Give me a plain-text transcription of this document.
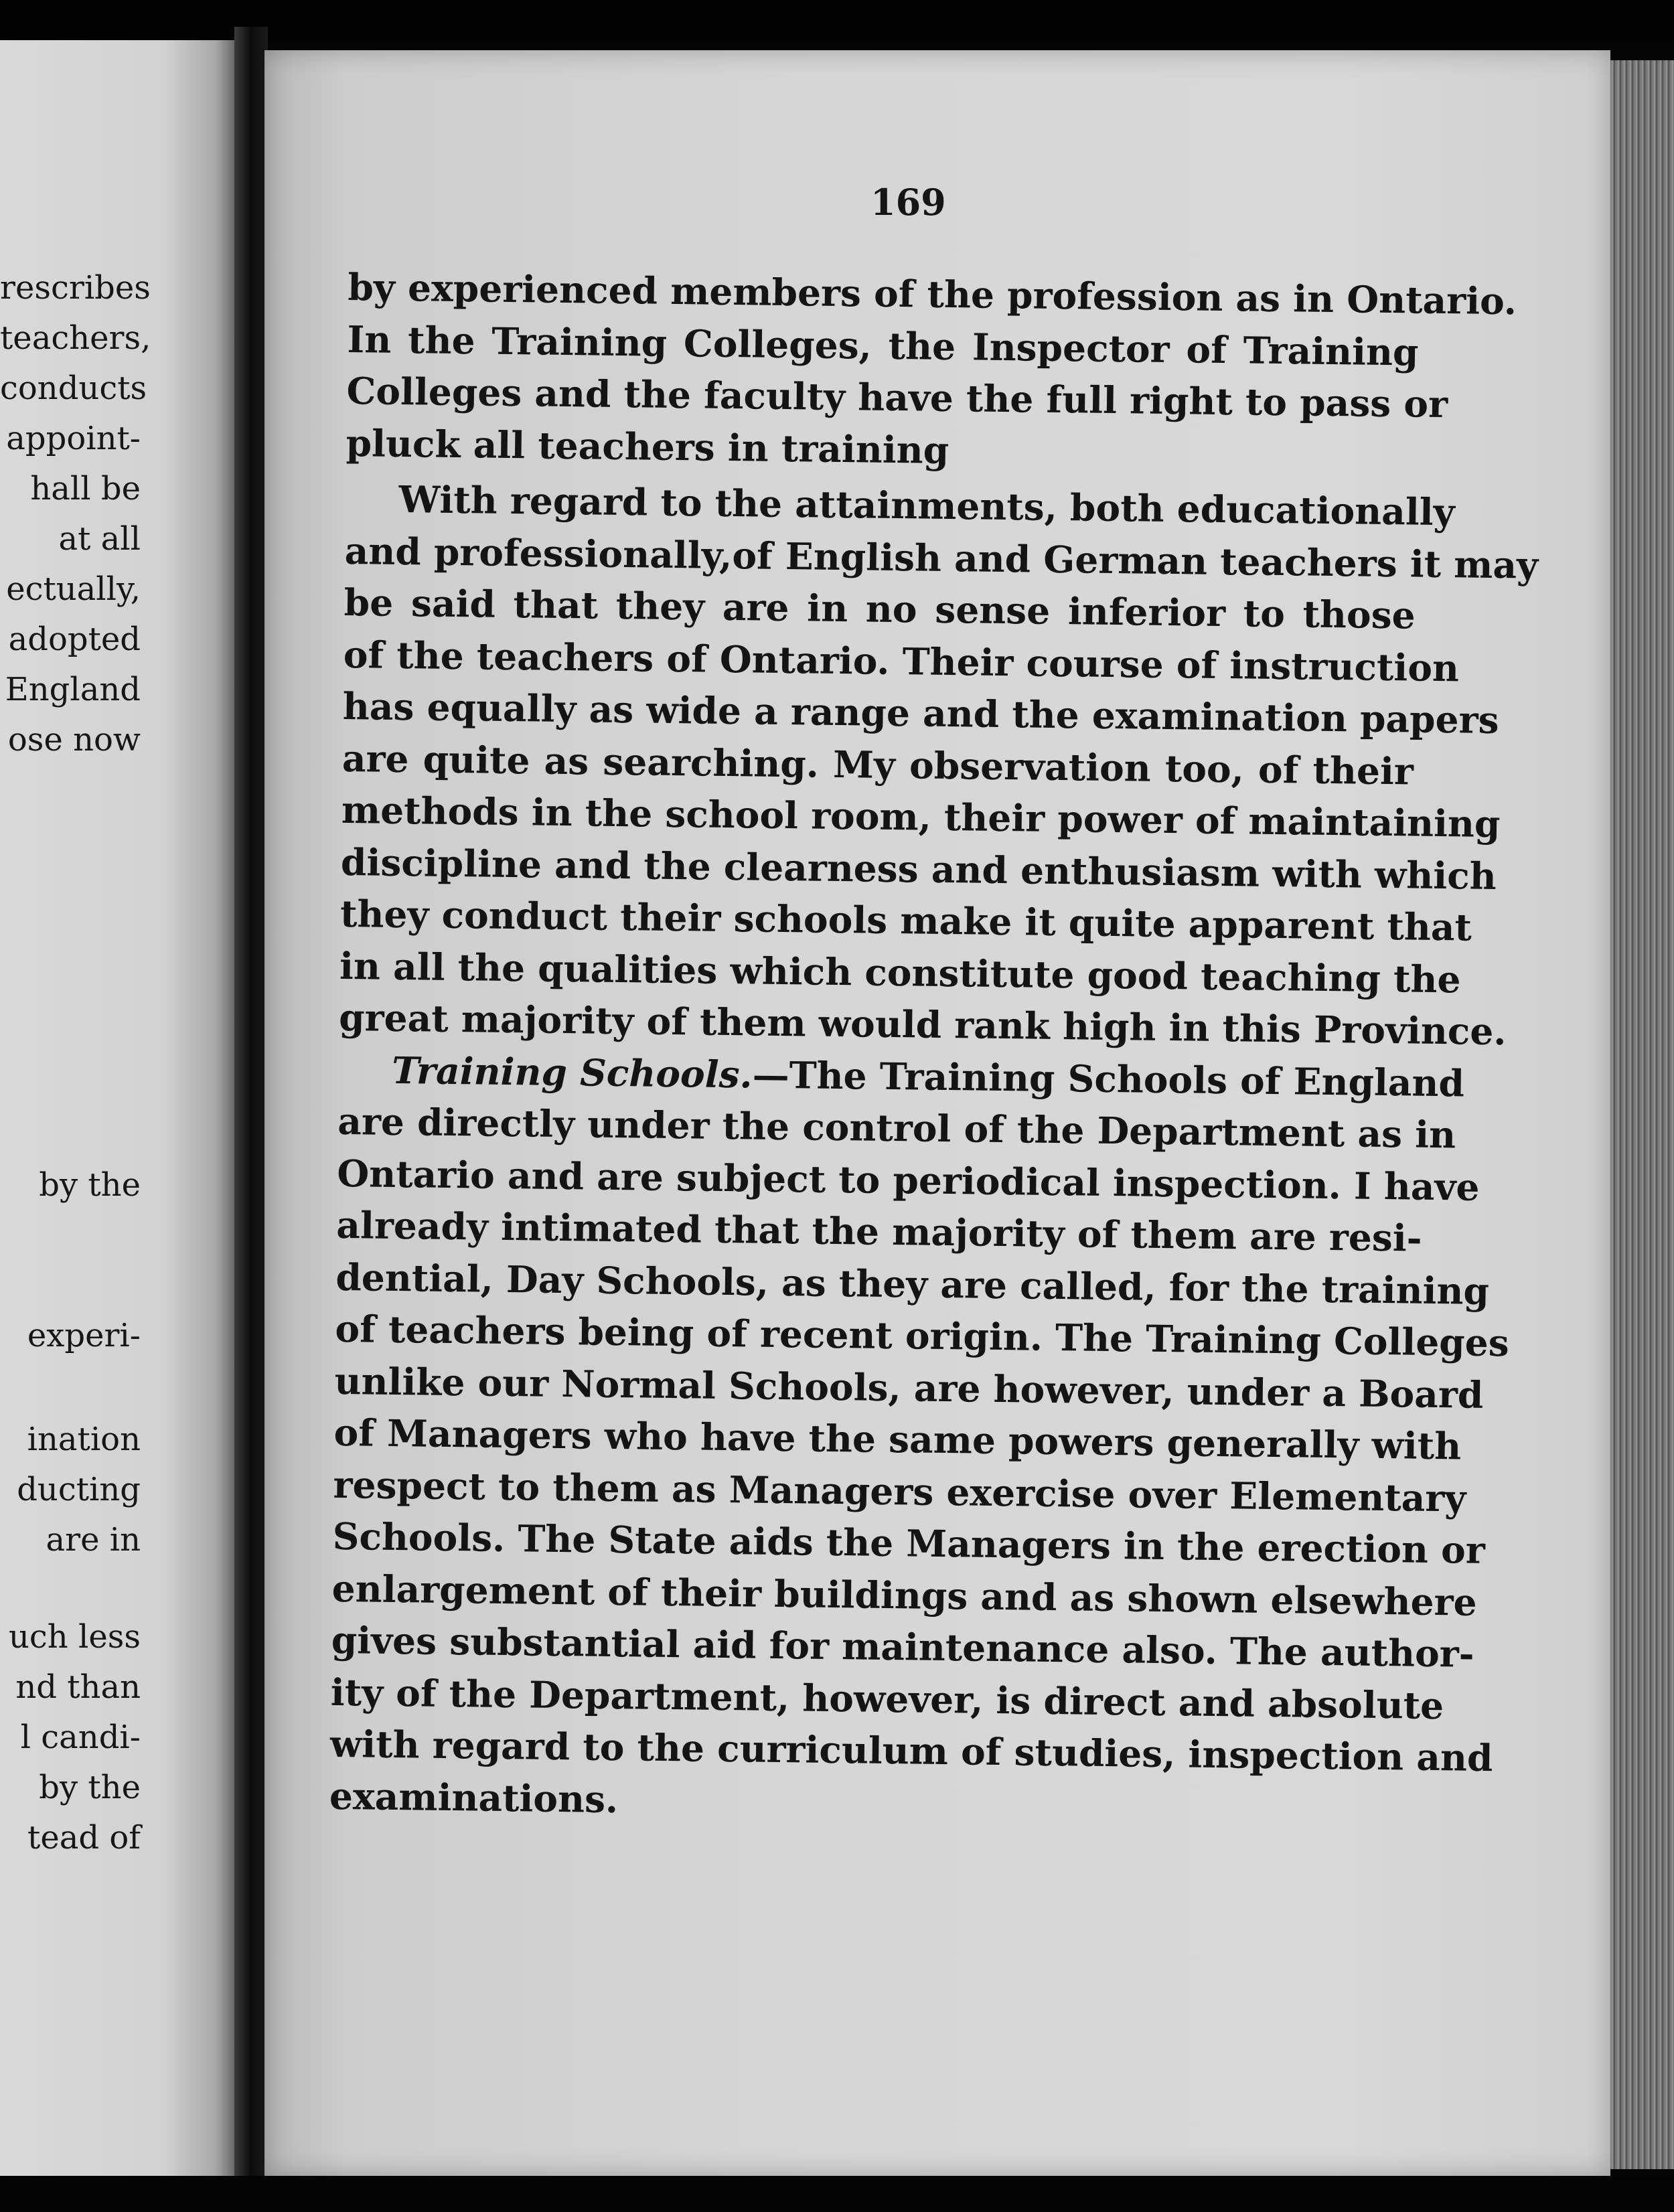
rescribes
teachers,
conducts
appoint-
hall be
at all
ectually,
adopted
England
ose now
by the
experi-
ination
ducting
are in
uch less
nd than
l candi-
by the
tead of
169
by experienced members of the profession as in Ontario.
In the Training Colleges, the Inspector of Training
Colleges and the faculty have the full right to pass or
pluck all teachers in training
With regard to the attainments, both educationally
and professionally,of English and German teachers it may
be said that they are in no sense inferior to those
of the teachers of Ontario. Their course of instruction
has equally as wide a range and the examination papers
are quite as searching. My observation too, of their
methods in the school room, their power of maintaining
discipline and the clearness and enthusiasm with which
they conduct their schools make it quite apparent that
in all the qualities which constitute good teaching the
great majority of them would rank high in this Province.
Training Schools.—The Training Schools of England
are directly under the control of the Department as in
Ontario and are subject to periodical inspection. I have
already intimated that the majority of them are resi-
dential, Day Schools, as they are called, for the training
of teachers being of recent origin. The Training Colleges
unlike our Normal Schools, are however, under a Board
of Managers who have the same powers generally with
respect to them as Managers exercise over Elementary
Schools. The State aids the Managers in the erection or
enlargement of their buildings and as shown elsewhere
gives substantial aid for maintenance also. The author-
ity of the Department, however, is direct and absolute
with regard to the curriculum of studies, inspection and
examinations.
